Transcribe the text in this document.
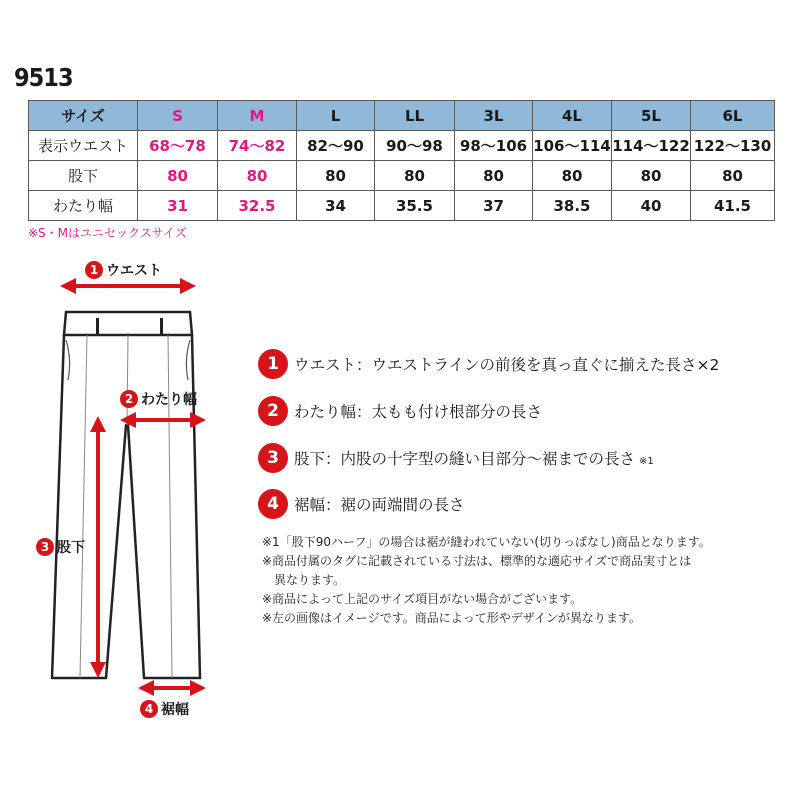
9513
サイズ	S	M	L	LL	3L	4L	5L	6L
表示ウエスト	68〜78	74〜82	82〜90	90〜98	98〜106	106〜114	114〜122	122〜130
股下	80	80	80	80	80	80	80	80
わたり幅	31	32.5	34	35.5	37	38.5	40	41.5
※S・Mはユニセックスサイズ
1 ウエスト
2 わたり幅
3 股下
4 裾幅
1 ウエスト：ウエストラインの前後を真っ直ぐに揃えた長さ×2
2 わたり幅：太もも付け根部分の長さ
3 股下：内股の十字型の縫い目部分〜裾までの長さ ※1
4 裾幅：裾の両端間の長さ
※1「股下90ハーフ」の場合は裾が縫われていない(切りっぱなし)商品となります。
※商品付属のタグに記載されている寸法は、標準的な適応サイズで商品実寸とは
異なります。
※商品によって上記のサイズ項目がない場合がございます。
※左の画像はイメージです。商品によって形やデザインが異なります。
